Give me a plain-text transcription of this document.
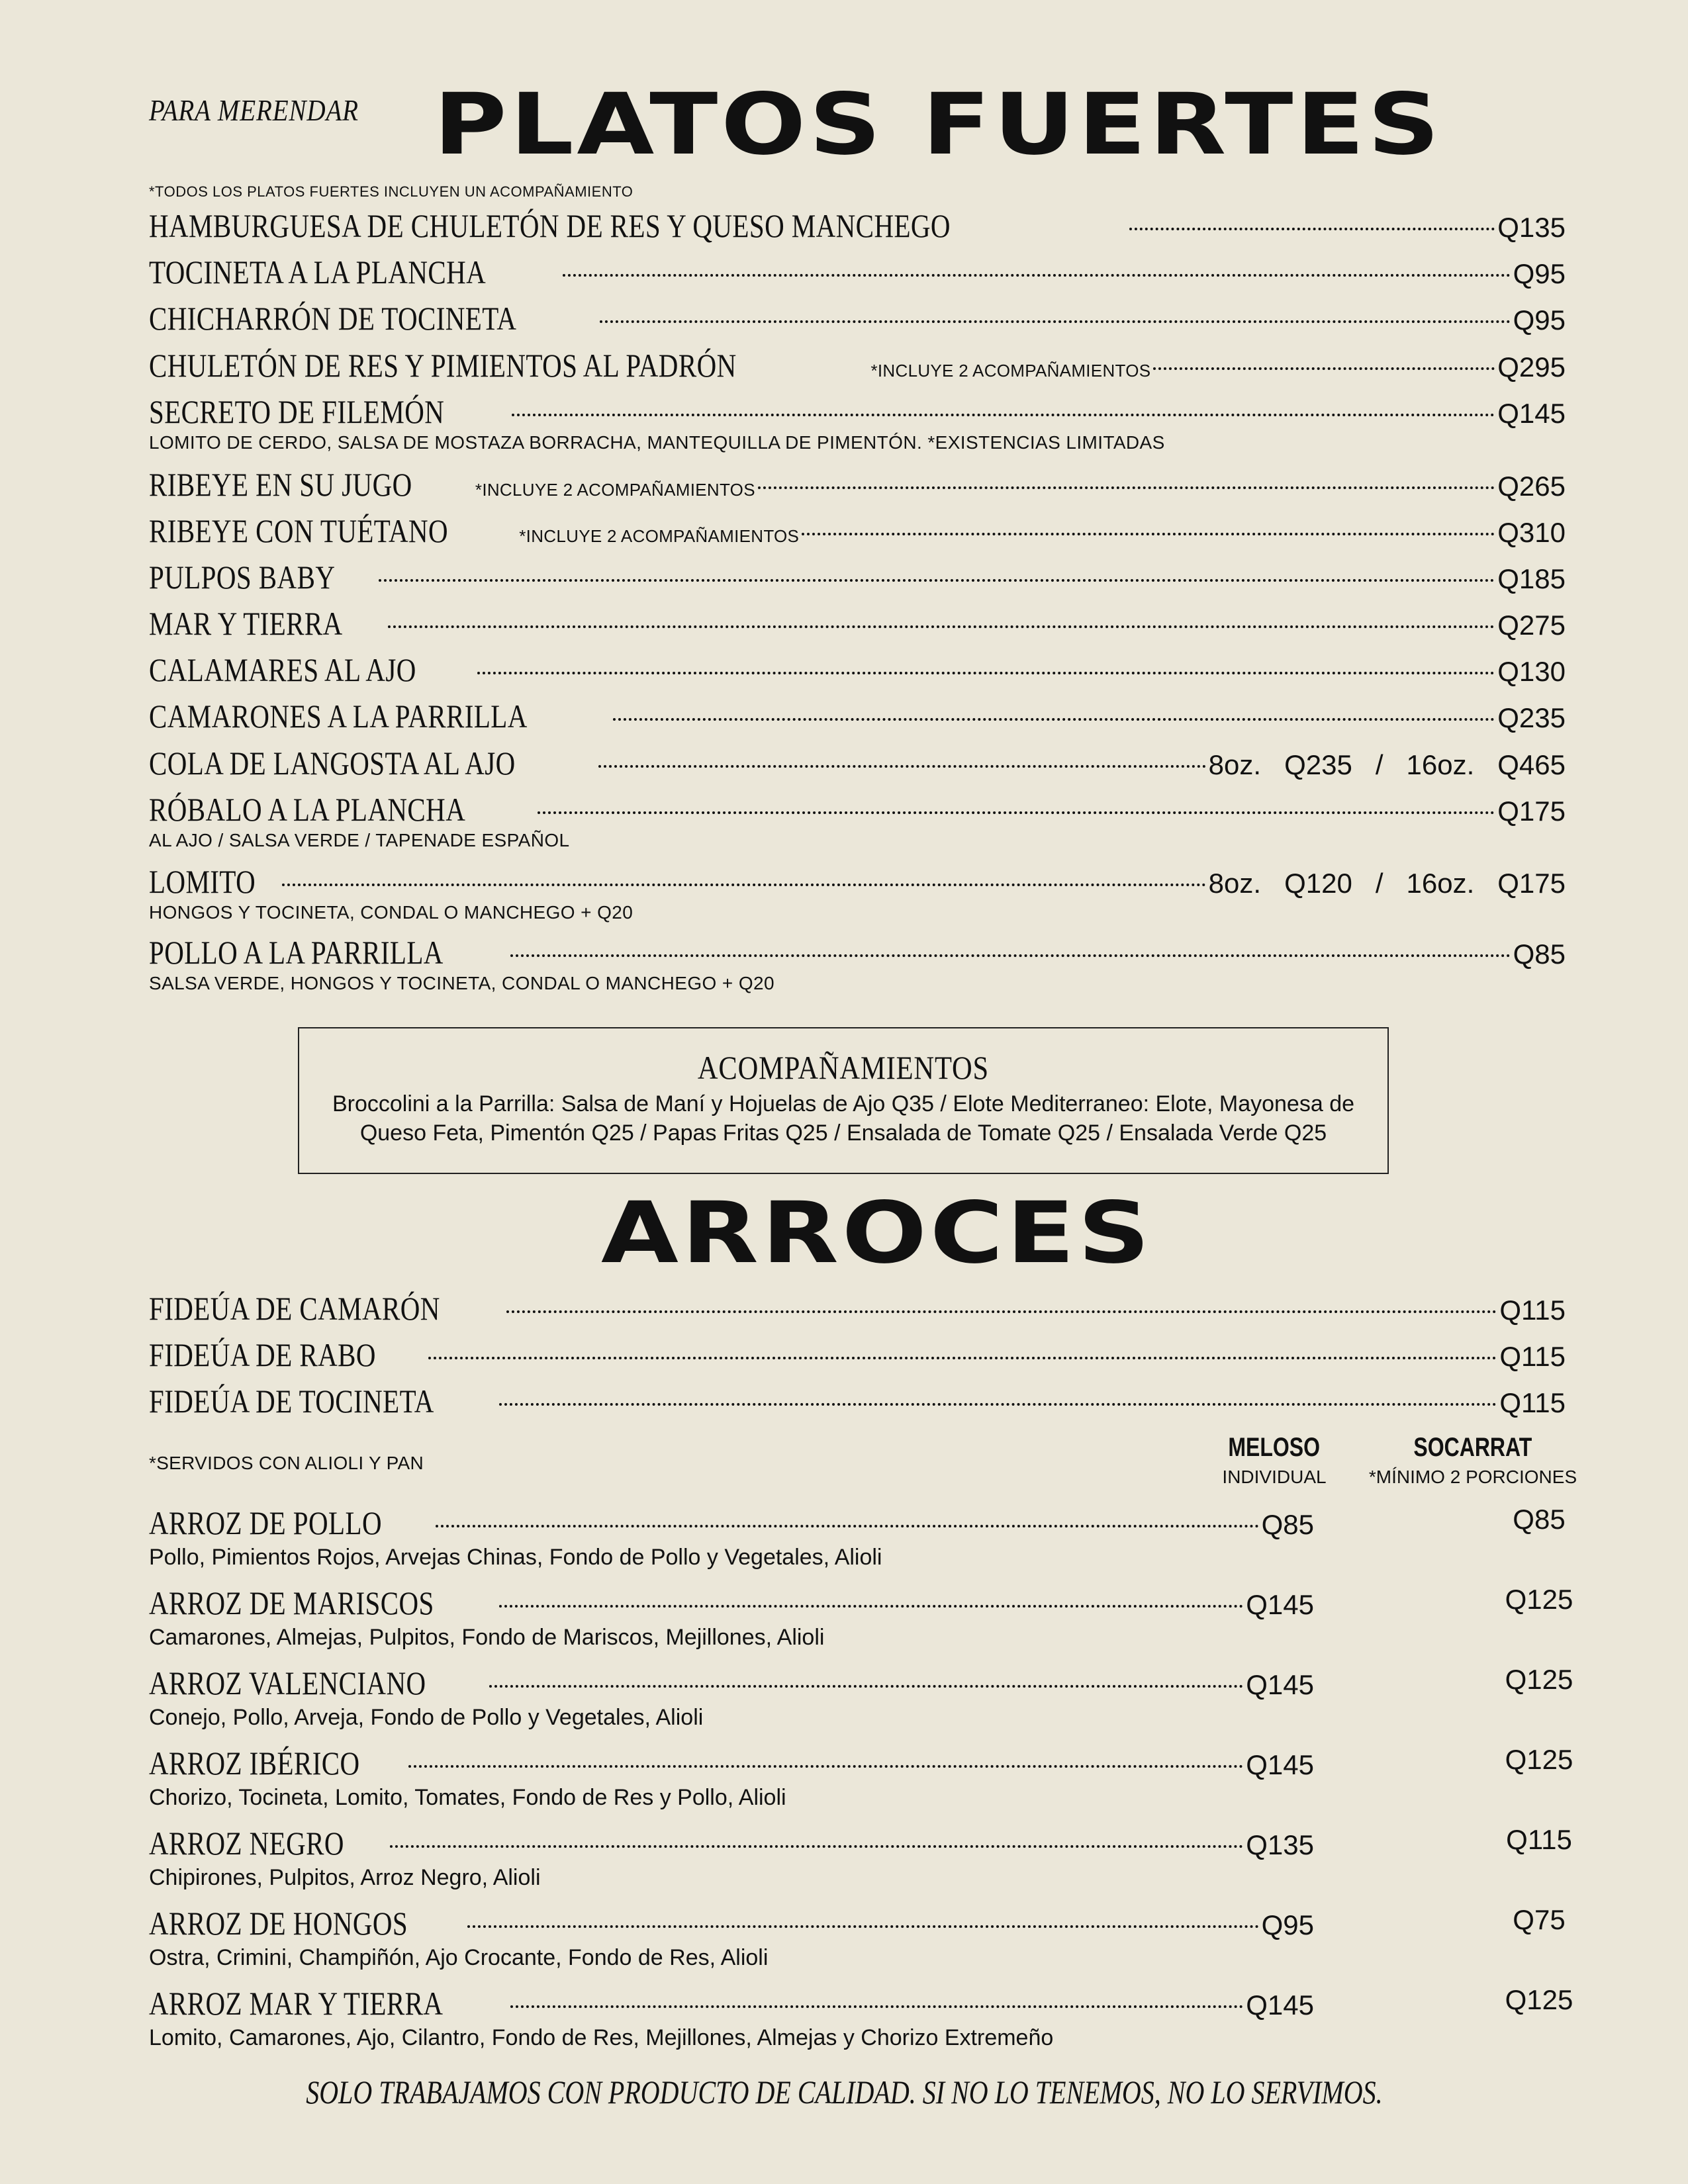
PARA MERENDAR PLATOS FUERTES
*TODOS LOS PLATOS FUERTES INCLUYEN UN ACOMPAÑAMIENTO
HAMBURGUESA DE CHULETÓN DE RES Y QUESO MANCHEGO	Q135
TOCINETA A LA PLANCHA	Q95
CHICHARRÓN DE TOCINETA	Q95
CHULETÓN DE RES Y PIMIENTOS AL PADRÓN	*INCLUYE 2 ACOMPAÑAMIENTOS	Q295
SECRETO DE FILEMÓN	Q145
LOMITO DE CERDO, SALSA DE MOSTAZA BORRACHA, MANTEQUILLA DE PIMENTÓN. *EXISTENCIAS LIMITADAS
RIBEYE EN SU JUGO	*INCLUYE 2 ACOMPAÑAMIENTOS	Q265
RIBEYE CON TUÉTANO	*INCLUYE 2 ACOMPAÑAMIENTOS	Q310
PULPOS BABY	Q185
MAR Y TIERRA	Q275
CALAMARES AL AJO	Q130
CAMARONES A LA PARRILLA	Q235
COLA DE LANGOSTA AL AJO	8oz.   Q235   /   16oz.   Q465
RÓBALO A LA PLANCHA	Q175
AL AJO / SALSA VERDE / TAPENADE ESPAÑOL
LOMITO	8oz.   Q120   /   16oz.   Q175
HONGOS Y TOCINETA, CONDAL O MANCHEGO + Q20
POLLO A LA PARRILLA	Q85
SALSA VERDE, HONGOS Y TOCINETA, CONDAL O MANCHEGO + Q20
ACOMPAÑAMIENTOS
Broccolini a la Parrilla: Salsa de Maní y Hojuelas de Ajo Q35 / Elote Mediterraneo: Elote, Mayonesa de Queso Feta, Pimentón Q25 / Papas Fritas Q25 / Ensalada de Tomate Q25 / Ensalada Verde Q25
ARROCES
FIDEÚA DE CAMARÓN	Q115
FIDEÚA DE RABO	Q115
FIDEÚA DE TOCINETA	Q115
*SERVIDOS CON ALIOLI Y PAN
MELOSO
INDIVIDUAL
SOCARRAT
*MÍNIMO 2 PORCIONES
ARROZ DE POLLO	Q85	Q85
Pollo, Pimientos Rojos, Arvejas Chinas, Fondo de Pollo y Vegetales, Alioli
ARROZ DE MARISCOS	Q145	Q125
Camarones, Almejas, Pulpitos, Fondo de Mariscos, Mejillones, Alioli
ARROZ VALENCIANO	Q145	Q125
Conejo, Pollo, Arveja, Fondo de Pollo y Vegetales, Alioli
ARROZ IBÉRICO	Q145	Q125
Chorizo, Tocineta, Lomito, Tomates, Fondo de Res y Pollo, Alioli
ARROZ NEGRO	Q135	Q115
Chipirones, Pulpitos, Arroz Negro, Alioli
ARROZ DE HONGOS	Q95	Q75
Ostra, Crimini, Champiñón, Ajo Crocante, Fondo de Res, Alioli
ARROZ MAR Y TIERRA	Q145	Q125
Lomito, Camarones, Ajo, Cilantro, Fondo de Res, Mejillones, Almejas y Chorizo Extremeño
SOLO TRABAJAMOS CON PRODUCTO DE CALIDAD. SI NO LO TENEMOS, NO LO SERVIMOS.
